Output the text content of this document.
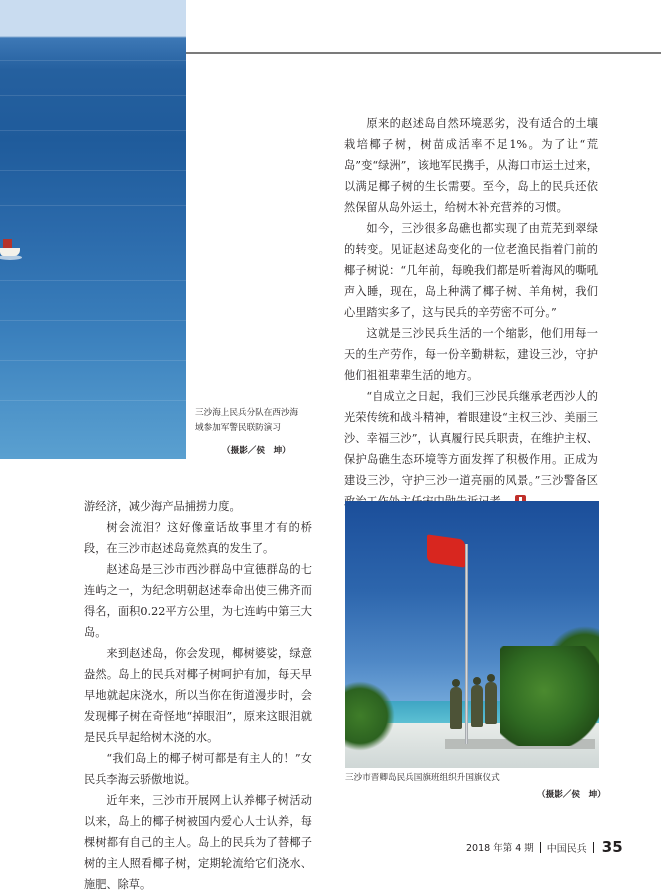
三沙海上民兵分队在西沙海域参加军警民联防演习
（摄影／侯　坤）

原来的赵述岛自然环境恶劣，没有适合的土壤栽培椰子树，树苗成活率不足1%。为了让“荒岛”变“绿洲”，该地军民携手，从海口市运土过来，以满足椰子树的生长需要。至今，岛上的民兵还依然保留从岛外运土，给树木补充营养的习惯。

如今，三沙很多岛礁也都实现了由荒芜到翠绿的转变。见证赵述岛变化的一位老渔民指着门前的椰子树说：“几年前，每晚我们都是听着海风的嘶吼声入睡，现在，岛上种满了椰子树、羊角树，我们心里踏实多了，这与民兵的辛劳密不可分。”

这就是三沙民兵生活的一个缩影，他们用每一天的生产劳作，每一份辛勤耕耘，建设三沙，守护他们祖祖辈辈生活的地方。

“自成立之日起，我们三沙民兵继承老西沙人的光荣传统和战斗精神，着眼建设“主权三沙、美丽三沙、幸福三沙”，认真履行民兵职责，在维护主权、保护岛礁生态环境等方面发挥了积极作用。正成为建设三沙，守护三沙一道亮丽的风景。”三沙警备区

游经济，减少海产品捕捞力度。

树会流泪？这好像童话故事里才有的桥段，在三沙市赵述岛竟然真的发生了。

赵述岛是三沙市西沙群岛中宣德群岛的七连屿之一，为纪念明朝赵述奉命出使三佛齐而得名，面积0.22平方公里，为七连屿中第三大岛。

来到赵述岛，你会发现，椰树婆娑，绿意盎然。岛上的民兵对椰子树呵护有加，每天早早地就起床浇水，所以当你在街道漫步时，会发现椰子树在奇怪地“掉眼泪”，原来这眼泪就是民兵早起给树木浇的水。

“我们岛上的椰子树可都是有主人的！”女民兵李海云骄傲地说。

近年来，三沙市开展网上认养椰子树活动以来，岛上的椰子树被国内爱心人士认养，每棵树都有自己的主人。岛上的民兵为了替椰子树的主人照看椰子树，定期轮流给它们浇水、施肥、除草。

三沙市晋卿岛民兵国旗班组织升国旗仪式
（摄影／侯　坤）
2018 年第 4 期 中国民兵 35
